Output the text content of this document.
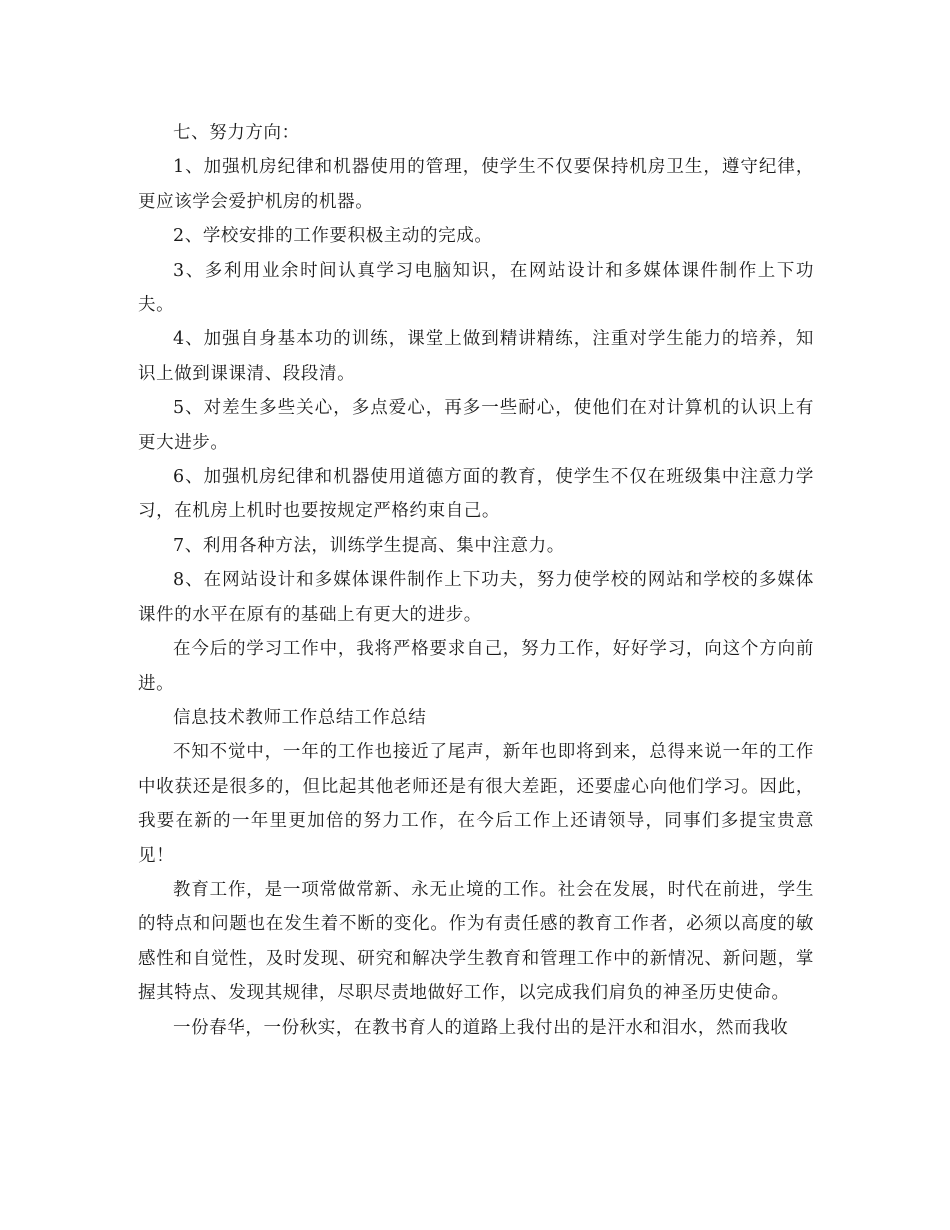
七、努力方向：

1、加强机房纪律和机器使用的管理，使学生不仅要保持机房卫生，遵守纪律，更应该学会爱护机房的机器。

2、学校安排的工作要积极主动的完成。

3、多利用业余时间认真学习电脑知识，在网站设计和多媒体课件制作上下功夫。

4、加强自身基本功的训练，课堂上做到精讲精练，注重对学生能力的培养，知识上做到课课清、段段清。

5、对差生多些关心，多点爱心，再多一些耐心，使他们在对计算机的认识上有更大进步。

6、加强机房纪律和机器使用道德方面的教育，使学生不仅在班级集中注意力学习，在机房上机时也要按规定严格约束自己。

7、利用各种方法，训练学生提高、集中注意力。

8、在网站设计和多媒体课件制作上下功夫，努力使学校的网站和学校的多媒体课件的水平在原有的基础上有更大的进步。

在今后的学习工作中，我将严格要求自己，努力工作，好好学习，向这个方向前进。

信息技术教师工作总结工作总结

不知不觉中，一年的工作也接近了尾声，新年也即将到来，总得来说一年的工作中收获还是很多的，但比起其他老师还是有很大差距，还要虚心向他们学习。因此，我要在新的一年里更加倍的努力工作，在今后工作上还请领导，同事们多提宝贵意见！

教育工作，是一项常做常新、永无止境的工作。社会在发展，时代在前进，学生的特点和问题也在发生着不断的变化。作为有责任感的教育工作者，必须以高度的敏感性和自觉性，及时发现、研究和解决学生教育和管理工作中的新情况、新问题，掌握其特点、发现其规律，尽职尽责地做好工作，以完成我们肩负的神圣历史使命。

一份春华，一份秋实，在教书育人的道路上我付出的是汗水和泪水，然而我收
